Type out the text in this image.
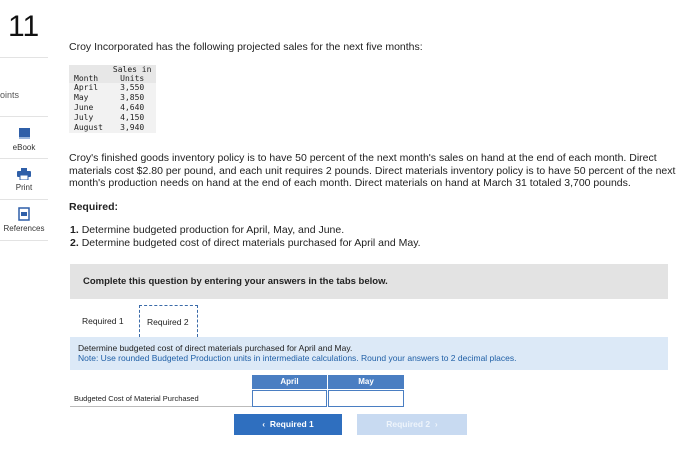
11
oints
eBook
Print
References
Croy Incorporated has the following projected sales for the next five months:
	Sales in
Month	Units
April	3,550
May	3,850
June	4,640
July	4,150
August	3,940
Croy's finished goods inventory policy is to have 50 percent of the next month's sales on hand at the end of each month. Direct materials cost $2.80 per pound, and each unit requires 2 pounds. Direct materials inventory policy is to have 50 percent of the next month's production needs on hand at the end of each month. Direct materials on hand at March 31 totaled 3,700 pounds.
Required:
1. Determine budgeted production for April, May, and June.
2. Determine budgeted cost of direct materials purchased for April and May.
Complete this question by entering your answers in the tabs below.
Required 1	Required 2
Determine budgeted cost of direct materials purchased for April and May.
Note: Use rounded Budgeted Production units in intermediate calculations. Round your answers to 2 decimal places.
April	May
Budgeted Cost of Material Purchased
‹ Required 1	Required 2 ›
